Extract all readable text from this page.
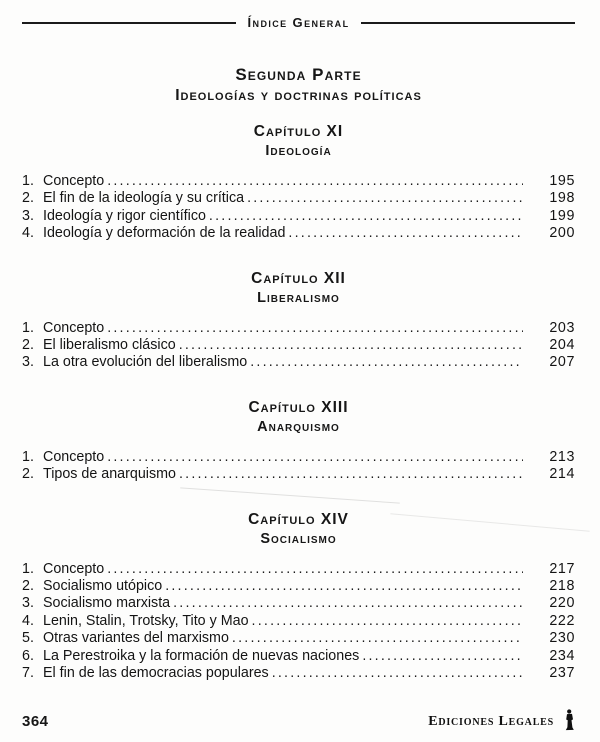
Índice General
Segunda Parte
Ideologías y doctrinas políticas
Capítulo XI
Ideología
1. Concepto .....	195
2. El fin de la ideología y su crítica .....	198
3. Ideología y rigor científico .....	199
4. Ideología y deformación de la realidad .....	200
Capítulo XII
Liberalismo
1. Concepto .....	203
2. El liberalismo clásico .....	204
3. La otra evolución del liberalismo .....	207
Capítulo XIII
Anarquismo
1. Concepto .....	213
2. Tipos de anarquismo .....	214
Capítulo XIV
Socialismo
1. Concepto .....	217
2. Socialismo utópico .....	218
3. Socialismo marxista .....	220
4. Lenin, Stalin, Trotsky, Tito y Mao .....	222
5. Otras variantes del marxismo .....	230
6. La Perestroika y la formación de nuevas naciones .....	234
7. El fin de las democracias populares .....	237
364	Ediciones Legales
